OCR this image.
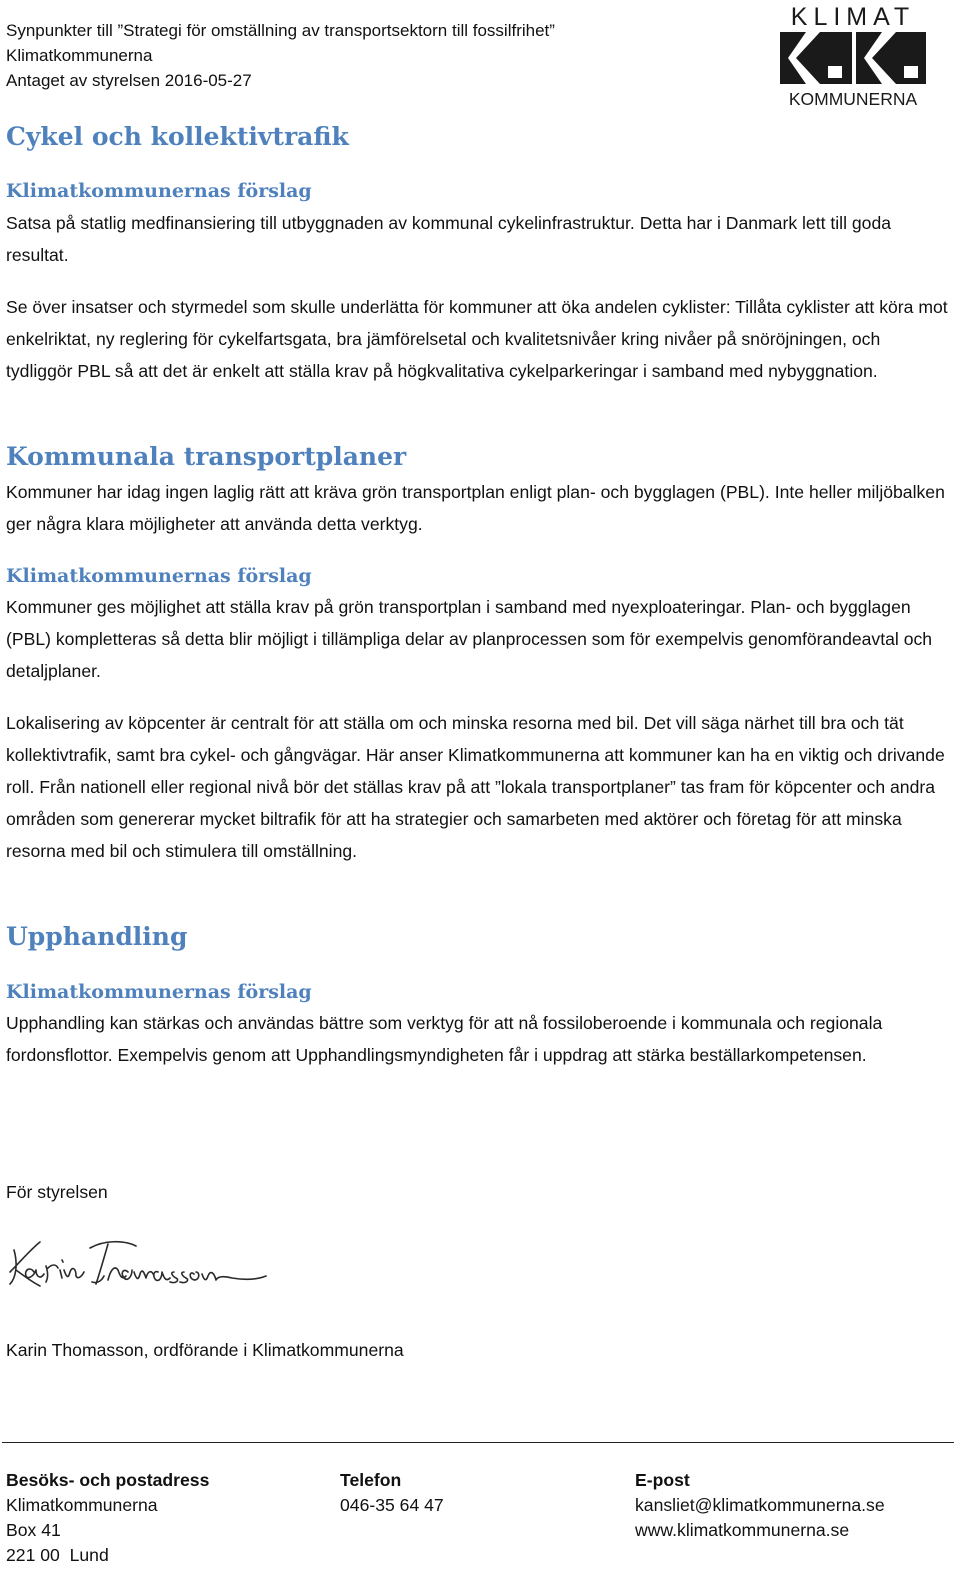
Synpunkter till ”Strategi för omställning av transportsektorn till fossilfrihet”
Klimatkommunerna
Antaget av styrelsen 2016-05-27
KLIMAT
KOMMUNERNA
Cykel och kollektivtrafik
Klimatkommunernas förslag

Satsa på statlig medfinansiering till utbyggnaden av kommunal cykelinfrastruktur. Detta har i Danmark lett till goda resultat.

Se över insatser och styrmedel som skulle underlätta för kommuner att öka andelen cyklister: Tillåta cyklister att köra mot enkelriktat, ny reglering för cykelfartsgata, bra jämförelsetal och kvalitetsnivåer kring nivåer på snöröjningen, och tydliggör PBL så att det är enkelt att ställa krav på högkvalitativa cykelparkeringar i samband med nybyggnation.

Kommunala transportplaner

Kommuner har idag ingen laglig rätt att kräva grön transportplan enligt plan- och bygglagen (PBL). Inte heller miljöbalken ger några klara möjligheter att använda detta verktyg.

Klimatkommunernas förslag

Kommuner ges möjlighet att ställa krav på grön transportplan i samband med nyexploateringar. Plan- och bygglagen (PBL) kompletteras så detta blir möjligt i tillämpliga delar av planprocessen som för exempelvis genomförandeavtal och detaljplaner.

Lokalisering av köpcenter är centralt för att ställa om och minska resorna med bil. Det vill säga närhet till bra och tät kollektivtrafik, samt bra cykel- och gångvägar. Här anser Klimatkommunerna att kommuner kan ha en viktig och drivande roll. Från nationell eller regional nivå bör det ställas krav på att ”lokala transportplaner” tas fram för köpcenter och andra områden som genererar mycket biltrafik för att ha strategier och samarbeten med aktörer och företag för att minska resorna med bil och stimulera till omställning.

Upphandling
Klimatkommunernas förslag

Upphandling kan stärkas och användas bättre som verktyg för att nå fossiloberoende i kommunala och regionala fordonsflottor. Exempelvis genom att Upphandlingsmyndigheten får i uppdrag att stärka beställarkompetensen.

För styrelsen
Karin Thomasson, ordförande i Klimatkommunerna
Besöks- och postadress
Klimatkommunerna
Box 41
221 00  Lund
Telefon
046-35 64 47
E-post
kansliet@klimatkommunerna.se
www.klimatkommunerna.se
